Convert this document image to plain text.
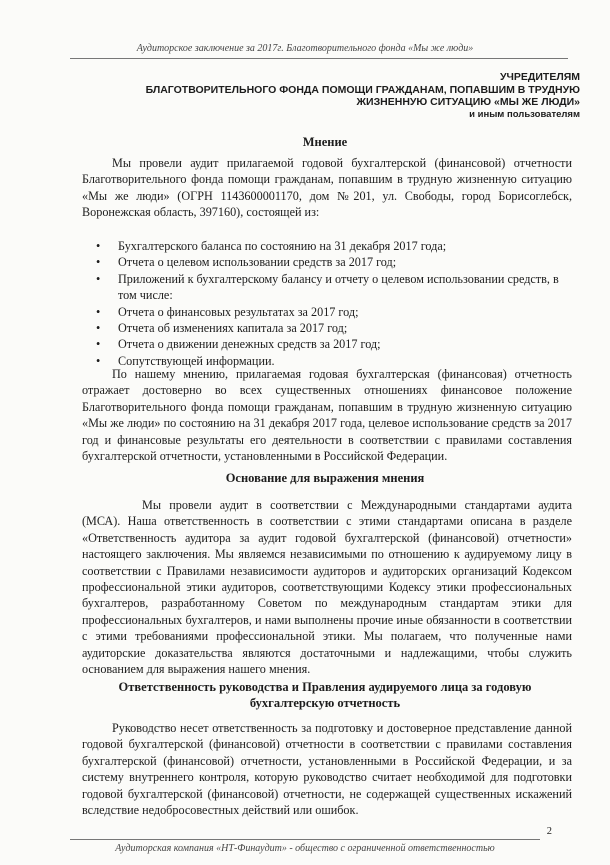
Аудиторское заключение за 2017г. Благотворительного фонда «Мы же люди»
УЧРЕДИТЕЛЯМ
БЛАГОТВОРИТЕЛЬНОГО ФОНДА ПОМОЩИ ГРАЖДАНАМ, ПОПАВШИМ В ТРУДНУЮ
ЖИЗНЕННУЮ СИТУАЦИЮ «МЫ ЖЕ ЛЮДИ»
и иным пользователям
Мнение
Мы провели аудит прилагаемой годовой бухгалтерской (финансовой) отчетности Благотворительного фонда помощи гражданам, попавшим в трудную жизненную ситуацию «Мы же люди» (ОГРН 1143600001170, дом №201, ул. Свободы, город Борисоглебск, Воронежская область, 397160), состоящей из:
• Бухгалтерского баланса по состоянию на 31 декабря 2017 года;
• Отчета о целевом использовании средств за 2017 год;
• Приложений к бухгалтерскому балансу и отчету о целевом использовании средств, в том числе:
• Отчета о финансовых результатах за 2017 год;
• Отчета об изменениях капитала за 2017 год;
• Отчета о движении денежных средств за 2017 год;
• Сопутствующей информации.
По нашему мнению, прилагаемая годовая бухгалтерская (финансовая) отчетность отражает достоверно во всех существенных отношениях финансовое положение Благотворительного фонда помощи гражданам, попавшим в трудную жизненную ситуацию «Мы же люди» по состоянию на 31 декабря 2017 года, целевое использование средств за 2017 год и финансовые результаты его деятельности в соответствии с правилами составления бухгалтерской отчетности, установленными в Российской Федерации.
Основание для выражения мнения
Мы провели аудит в соответствии с Международными стандартами аудита (МСА). Наша ответственность в соответствии с этими стандартами описана в разделе «Ответственность аудитора за аудит годовой бухгалтерской (финансовой) отчетности» настоящего заключения. Мы являемся независимыми по отношению к аудируемому лицу в соответствии с Правилами независимости аудиторов и аудиторских организаций Кодексом профессиональной этики аудиторов, соответствующими Кодексу этики профессиональных бухгалтеров, разработанному Советом по международным стандартам этики для профессиональных бухгалтеров, и нами выполнены прочие иные обязанности в соответствии с этими требованиями профессиональной этики. Мы полагаем, что полученные нами аудиторские доказательства являются достаточными и надлежащими, чтобы служить основанием для выражения нашего мнения.
Ответственность руководства и Правления аудируемого лица за годовую
бухгалтерскую отчетность
Руководство несет ответственность за подготовку и достоверное представление данной годовой бухгалтерской (финансовой) отчетности в соответствии с правилами составления бухгалтерской (финансовой) отчетности, установленными в Российской Федерации, и за систему внутреннего контроля, которую руководство считает необходимой для подготовки годовой бухгалтерской (финансовой) отчетности, не содержащей существенных искажений вследствие недобросовестных действий или ошибок.
2
Аудиторская компания «НТ-Финаудит» - общество с ограниченной ответственностью
